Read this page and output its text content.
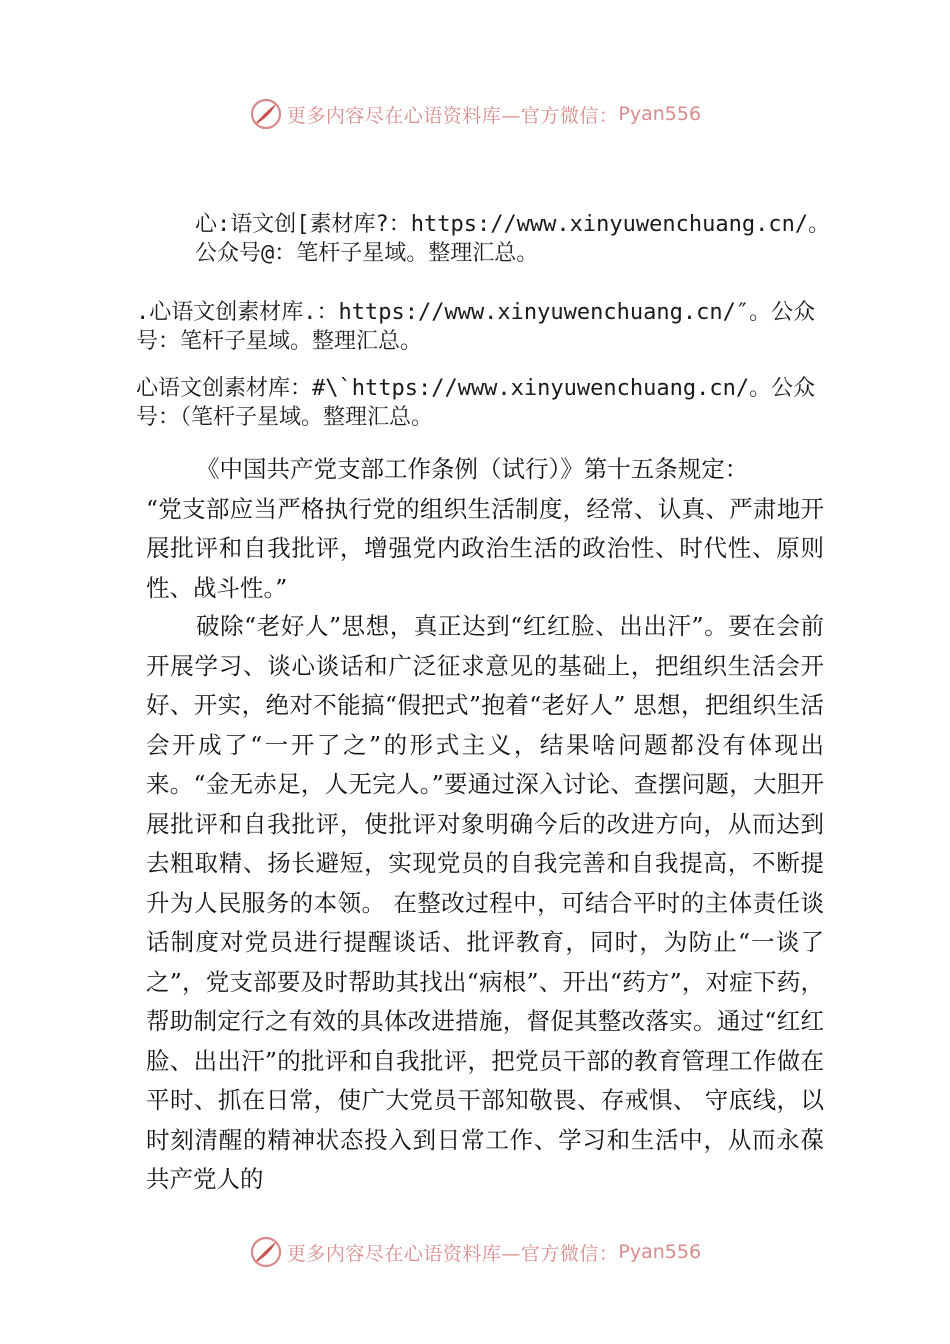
更多内容尽在心语资料库—官方微信： Pyan556
心:语文创[素材库?：https://www.xinyuwenchuang.cn/。公众号@：笔杆子星域。整理汇总。
.心语文创素材库.：https://www.xinyuwenchuang.cn/″。公众号：笔杆子星域。整理汇总。
心语文创素材库：#\`https://www.xinyuwenchuang.cn/。公众号：（笔杆子星域。整理汇总。
《中国共产党支部工作条例（试行）》第十五条规定：
“党支部应当严格执行党的组织生活制度，经常、认真、严肃地开展批评和自我批评，增强党内政治生活的政治性、时代性、原则性、战斗性。”
破除“老好人”思想，真正达到“红红脸、出出汗”。要在会前开展学习、谈心谈话和广泛征求意见的基础上，把组织生活会开好、开实，绝对不能搞“假把式”抱着“老好人” 思想，把组织生活会开成了“一开了之”的形式主义，结果啥问题都没有体现出来。“金无赤足，人无完人。”要通过深入讨论、查摆问题，大胆开展批评和自我批评，使批评对象明确今后的改进方向，从而达到去粗取精、扬长避短，实现党员的自我完善和自我提高，不断提升为人民服务的本领。 在整改过程中，可结合平时的主体责任谈话制度对党员进行提醒谈话、批评教育，同时，为防止“一谈了之”，党支部要及时帮助其找出“病根”、开出“药方”，对症下药，帮助制定行之有效的具体改进措施，督促其整改落实。通过“红红脸、出出汗”的批评和自我批评，把党员干部的教育管理工作做在平时、抓在日常，使广大党员干部知敬畏、存戒惧、 守底线，以时刻清醒的精神状态投入到日常工作、学习和生活中，从而永葆共产党人的
更多内容尽在心语资料库—官方微信： Pyan556
